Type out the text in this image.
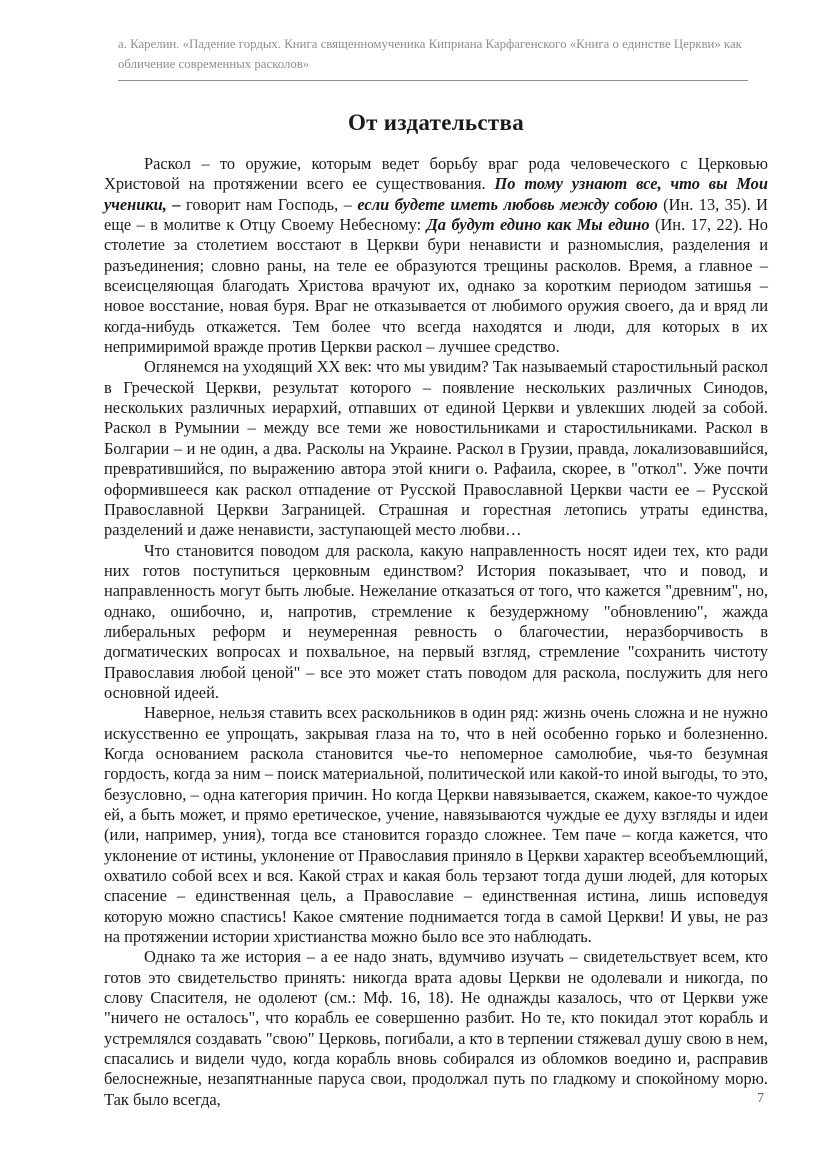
а. Карелин. «Падение гордых. Книга священномученика Киприана Карфагенского «Книга о единстве Церкви» как обличение современных расколов»
От издательства

Раскол – то оружие, которым ведет борьбу враг рода человеческого с Церковью Христовой на протяжении всего ее существования. По тому узнают все, что вы Мои ученики, – говорит нам Господь, – если будете иметь любовь между собою (Ин. 13, 35). И еще – в молитве к Отцу Своему Небесному: Да будут едино как Мы едино (Ин. 17, 22). Но столетие за столетием восстают в Церкви бури ненависти и разномыслия, разделения и разъединения; словно раны, на теле ее образуются трещины расколов. Время, а главное – всеисцеляющая благодать Христова врачуют их, однако за коротким периодом затишья – новое восстание, новая буря. Враг не отказывается от любимого оружия своего, да и вряд ли когда-нибудь откажется. Тем более что всегда находятся и люди, для которых в их непримиримой вражде против Церкви раскол – лучшее средство.

Оглянемся на уходящий XX век: что мы увидим? Так называемый старостильный раскол в Греческой Церкви, результат которого – появление нескольких различных Синодов, нескольких различных иерархий, отпавших от единой Церкви и увлекших людей за собой. Раскол в Румынии – между все теми же новостильниками и старостильниками. Раскол в Болгарии – и не один, а два. Расколы на Украине. Раскол в Грузии, правда, локализовавшийся, превратившийся, по выражению автора этой книги о. Рафаила, скорее, в "откол". Уже почти оформившееся как раскол отпадение от Русской Православной Церкви части ее – Русской Православной Церкви Заграницей. Страшная и горестная летопись утраты единства, разделений и даже ненависти, заступающей место любви…

Что становится поводом для раскола, какую направленность носят идеи тех, кто ради них готов поступиться церковным единством? История показывает, что и повод, и направленность могут быть любые. Нежелание отказаться от того, что кажется "древним", но, однако, ошибочно, и, напротив, стремление к безудержному "обновлению", жажда либеральных реформ и неумеренная ревность о благочестии, неразборчивость в догматических вопросах и похвальное, на первый взгляд, стремление "сохранить чистоту Православия любой ценой" – все это может стать поводом для раскола, послужить для него основной идеей.

Наверное, нельзя ставить всех раскольников в один ряд: жизнь очень сложна и не нужно искусственно ее упрощать, закрывая глаза на то, что в ней особенно горько и болезненно. Когда основанием раскола становится чье-то непомерное самолюбие, чья-то безумная гордость, когда за ним – поиск материальной, политической или какой-то иной выгоды, то это, безусловно, – одна категория причин. Но когда Церкви навязывается, скажем, какое-то чуждое ей, а быть может, и прямо еретическое, учение, навязываются чуждые ее духу взгляды и идеи (или, например, уния), тогда все становится гораздо сложнее. Тем паче – когда кажется, что уклонение от истины, уклонение от Православия приняло в Церкви характер всеобъемлющий, охватило собой всех и вся. Какой страх и какая боль терзают тогда души людей, для которых спасение – единственная цель, а Православие – единственная истина, лишь исповедуя которую можно спастись! Какое смятение поднимается тогда в самой Церкви! И увы, не раз на протяжении истории христианства можно было все это наблюдать.

Однако та же история – а ее надо знать, вдумчиво изучать – свидетельствует всем, кто готов это свидетельство принять: никогда врата адовы Церкви не одолевали и никогда, по слову Спасителя, не одолеют (см.: Мф. 16, 18). Не однажды казалось, что от Церкви уже "ничего не осталось", что корабль ее совершенно разбит. Но те, кто покидал этот корабль и устремлялся создавать "свою" Церковь, погибали, а кто в терпении стяжевал душу свою в нем, спасались и видели чудо, когда корабль вновь собирался из обломков воедино и, расправив белоснежные, незапятнанные паруса свои, продолжал путь по гладкому и спокойному морю. Так было всегда,	7
